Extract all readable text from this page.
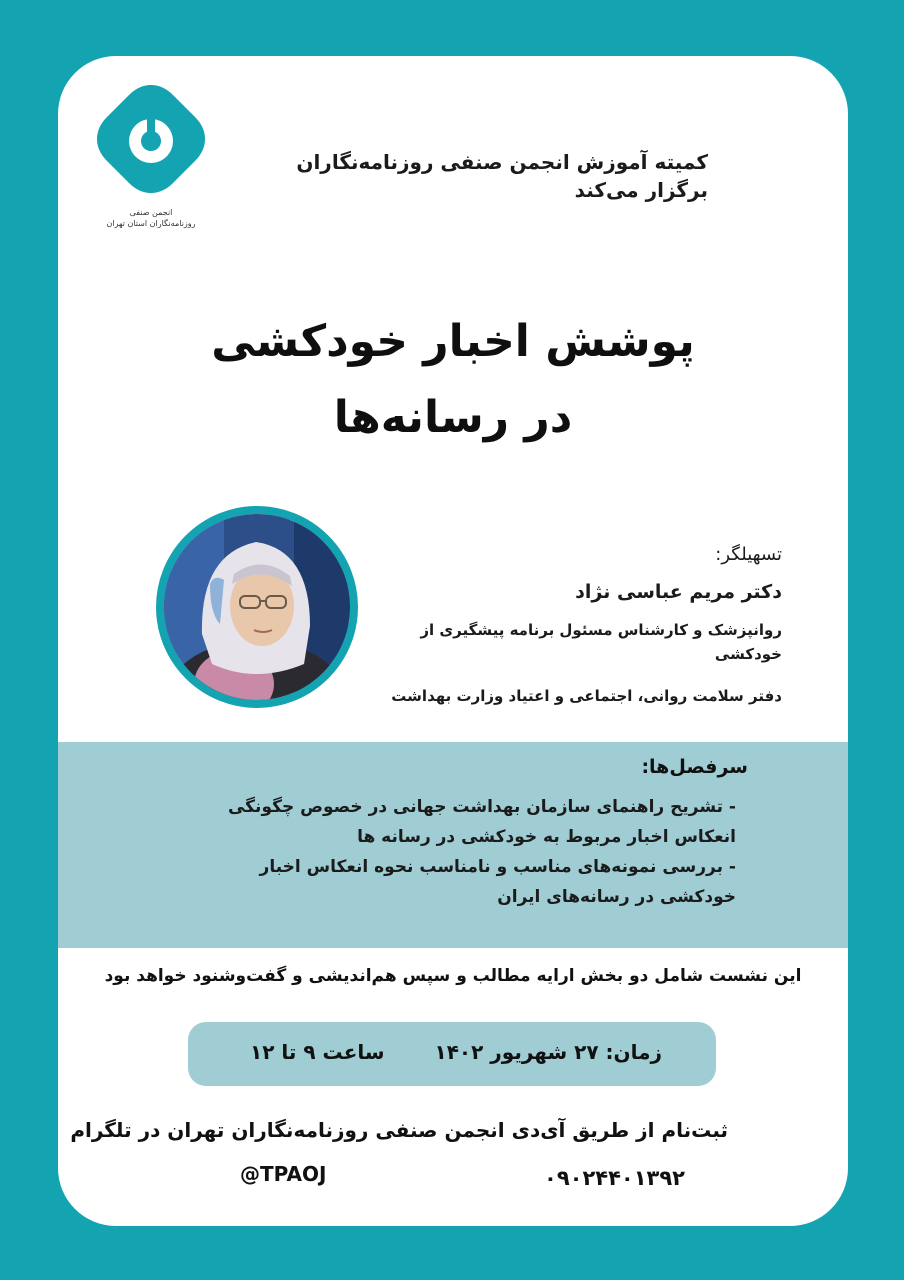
انجمن صنفی
روزنامه‌نگاران استان تهران
کمیته آموزش انجمن صنفی روزنامه‌نگاران
برگزار می‌کند
پوشش اخبار خودکشی
در رسانه‌ها
تسهیلگر:
دکتر مریم عباسی نژاد
روانپزشک و کارشناس مسئول برنامه پیشگیری از خودکشی
دفتر سلامت روانی، اجتماعی و اعتیاد وزارت بهداشت
سرفصل‌ها:
- تشریح راهنمای سازمان بهداشت جهانی در خصوص چگونگی انعکاس اخبار مربوط به خودکشی در رسانه ها
- بررسی نمونه‌های مناسب و نامناسب نحوه انعکاس اخبار خودکشی در رسانه‌های ایران
این نشست شامل دو بخش ارایه مطالب و سپس هم‌اندیشی و گفت‌وشنود خواهد بود
زمان: ۲۷ شهریور ۱۴۰۲
ساعت ۹ تا ۱۲
ثبت‌نام از طریق آی‌دی انجمن صنفی روزنامه‌نگاران تهران در تلگرام
@TPAOJ	۰۹۰۲۴۴۰۱۳۹۲
